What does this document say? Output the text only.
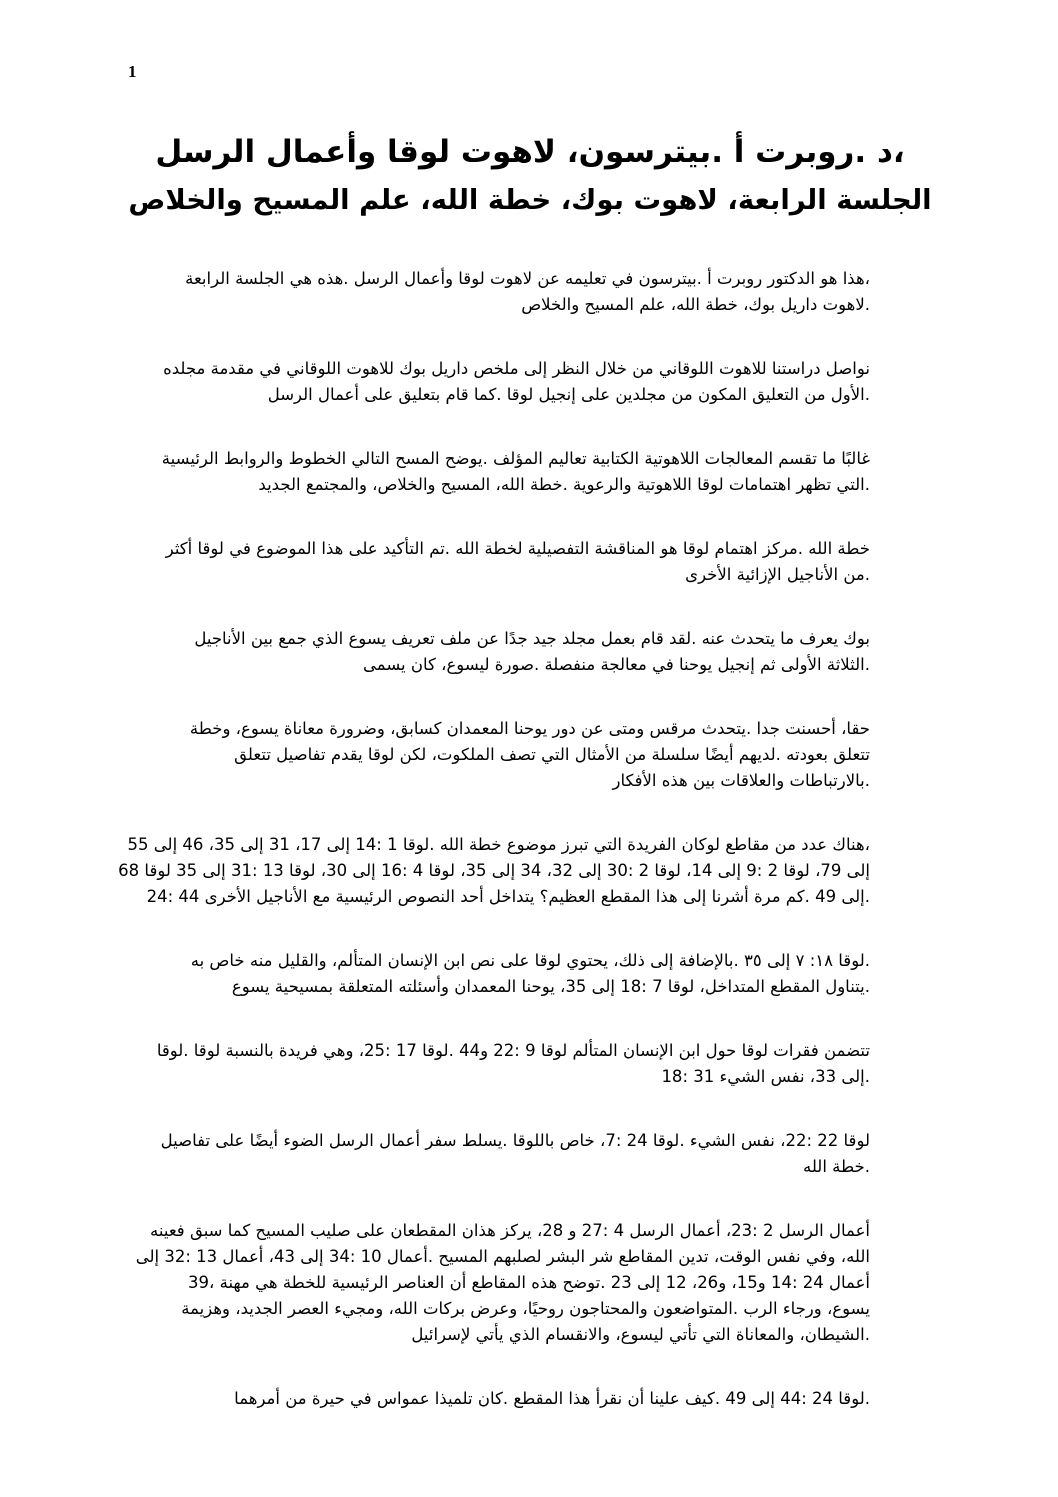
1
،د .روبرت أ .بيترسون، لاهوت لوقا وأعمال الرسل
الجلسة الرابعة، لاهوت بوك، خطة الله، علم المسيح والخلاص

،هذا هو الدكتور روبرت أ .بيترسون في تعليمه عن لاهوت لوقا وأعمال الرسل .هذه هي الجلسة الرابعة
.لاهوت داريل بوك، خطة الله، علم المسيح والخلاص

نواصل دراستنا للاهوت اللوقاني من خلال النظر إلى ملخص داريل بوك للاهوت اللوقاني في مقدمة مجلده
.الأول من التعليق المكون من مجلدين على إنجيل لوقا .كما قام بتعليق على أعمال الرسل

غالبًا ما تقسم المعالجات اللاهوتية الكتابية تعاليم المؤلف .يوضح المسح التالي الخطوط والروابط الرئيسية
.التي تظهر اهتمامات لوقا اللاهوتية والرعوية .خطة الله، المسيح والخلاص، والمجتمع الجديد

خطة الله .مركز اهتمام لوقا هو المناقشة التفصيلية لخطة الله .تم التأكيد على هذا الموضوع في لوقا أكثر
.من الأناجيل الإزائية الأخرى

بوك يعرف ما يتحدث عنه .لقد قام بعمل مجلد جيد جدًا عن ملف تعريف يسوع الذي جمع بين الأناجيل
.الثلاثة الأولى ثم إنجيل يوحنا في معالجة منفصلة .صورة ليسوع، كان يسمى

حقا، أحسنت جدا .يتحدث مرقس ومتى عن دور يوحنا المعمدان كسابق، وضرورة معاناة يسوع، وخطة
تتعلق بعودته .لديهم أيضًا سلسلة من الأمثال التي تصف الملكوت، لكن لوقا يقدم تفاصيل تتعلق
.بالارتباطات والعلاقات بين هذه الأفكار

،هناك عدد من مقاطع لوكان الفريدة التي تبرز موضوع خطة الله .لوقا 1 :14 إلى 17، 31 إلى 35، 46 إلى 55
إلى 79، لوقا 2 :9 إلى 14، لوقا 2 :30 إلى 32، 34 إلى 35، لوقا 4 :16 إلى 30، لوقا 13 :31 إلى 35 لوقا 68
.إلى 49 .كم مرة أشرنا إلى هذا المقطع العظيم؟ يتداخل أحد النصوص الرئيسية مع الأناجيل الأخرى 44 :24

.لوقا ١٨: ٧ إلى ٣٥ .بالإضافة إلى ذلك، يحتوي لوقا على نص ابن الإنسان المتألم، والقليل منه خاص به
.يتناول المقطع المتداخل، لوقا 7 :18 إلى 35، يوحنا المعمدان وأسئلته المتعلقة بمسيحية يسوع

تتضمن فقرات لوقا حول ابن الإنسان المتألم لوقا 9 :22 و44 .لوقا 17 :25، وهي فريدة بالنسبة لوقا .لوقا
.إلى 33، نفس الشيء 31 :18

لوقا 22 :22، نفس الشيء .لوقا 24 :7، خاص باللوقا .يسلط سفر أعمال الرسل الضوء أيضًا على تفاصيل
.خطة الله

أعمال الرسل 2 :23، أعمال الرسل 4 :27 و 28، يركز هذان المقطعان على صليب المسيح كما سبق فعينه
الله، وفي نفس الوقت، تدين المقاطع شر البشر لصلبهم المسيح .أعمال 10 :34 إلى 43، أعمال 13 :32 إلى
أعمال 24 :14 و15، و26، 12 إلى 23 .توضح هذه المقاطع أن العناصر الرئيسية للخطة هي مهنة ،39
يسوع، ورجاء الرب .المتواضعون والمحتاجون روحيًا، وعرض بركات الله، ومجيء العصر الجديد، وهزيمة
.الشيطان، والمعاناة التي تأتي ليسوع، والانقسام الذي يأتي لإسرائيل

.لوقا 24 :44 إلى 49 .كيف علينا أن نقرأ هذا المقطع .كان تلميذا عمواس في حيرة من أمرهما
